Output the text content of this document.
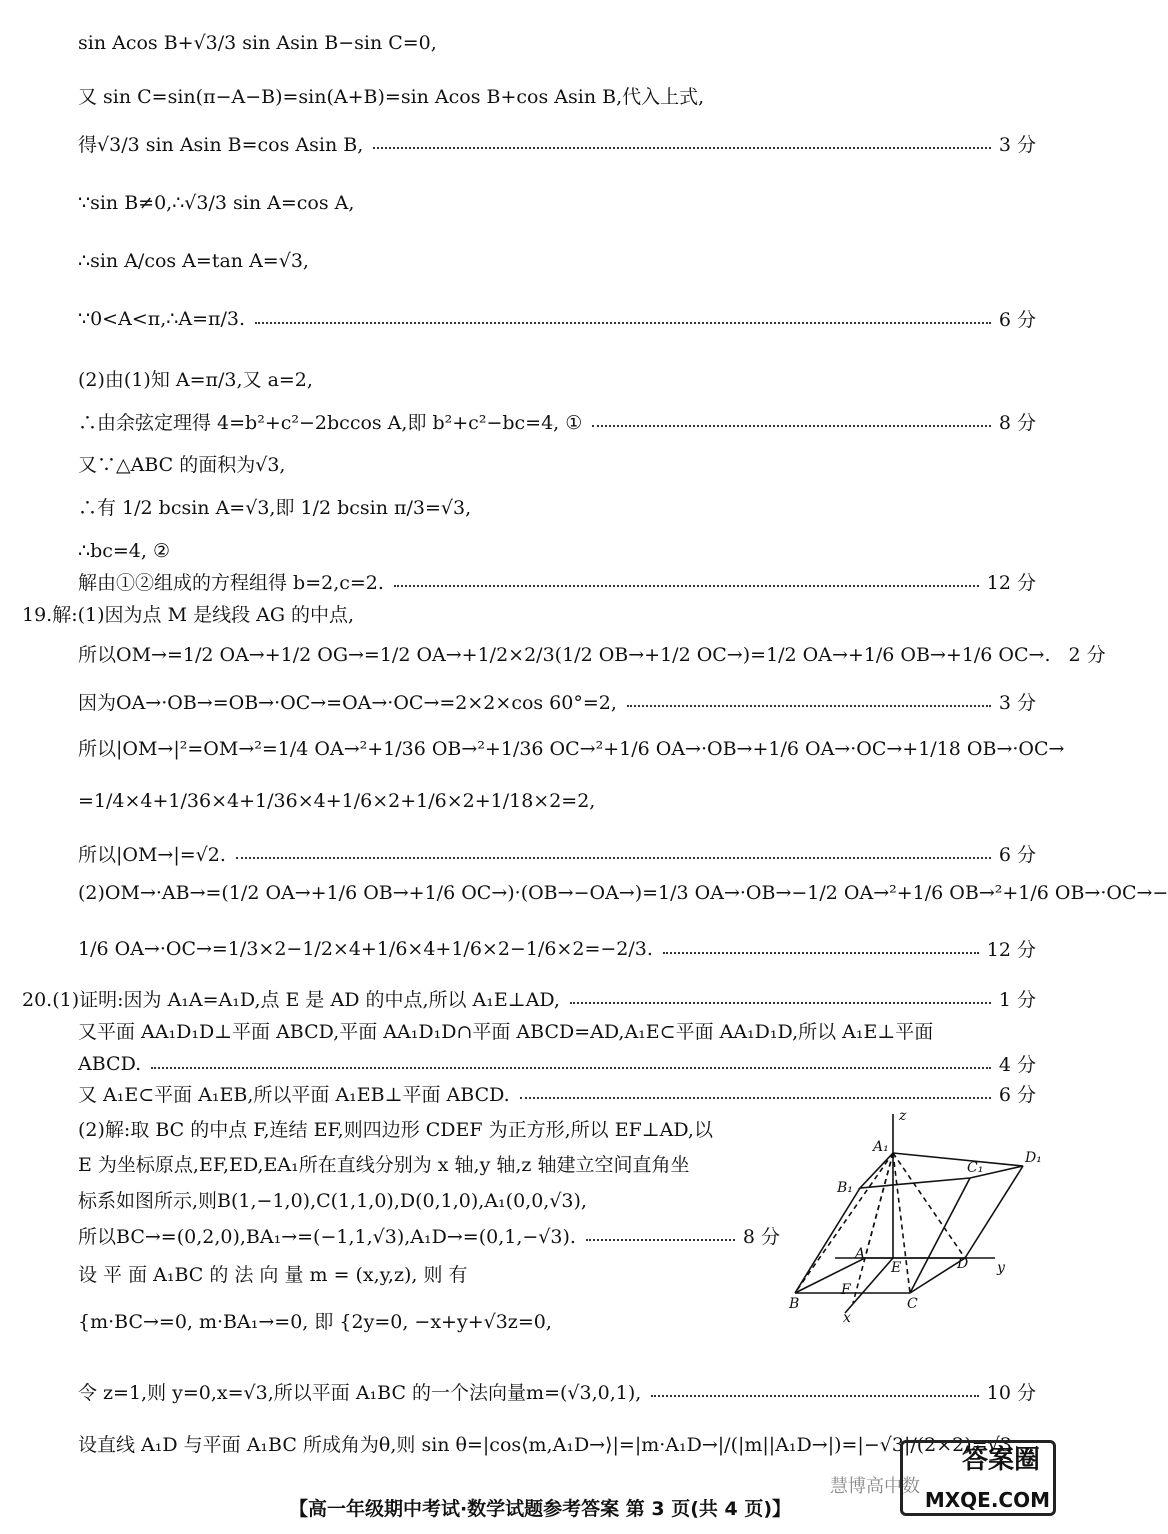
sin Acos B+√3/3 sin Asin B−sin C=0,
又 sin C=sin(π−A−B)=sin(A+B)=sin Acos B+cos Asin B,代入上式,
得√3/3 sin Asin B=cos Asin B,	3 分
∵sin B≠0,∴√3/3 sin A=cos A,
∴sin A/cos A=tan A=√3,
∵0<A<π,∴A=π/3.	6 分
(2)由(1)知 A=π/3,又 a=2,
∴由余弦定理得 4=b²+c²−2bccos A,即 b²+c²−bc=4, ①	8 分
又∵△ABC 的面积为√3,
∴有 1/2 bcsin A=√3,即 1/2 bcsin π/3=√3,
∴bc=4, ②
解由①②组成的方程组得 b=2,c=2.	12 分
19.解:(1)因为点 M 是线段 AG 的中点,
所以OM→=1/2 OA→+1/2 OG→=1/2 OA→+1/2×2/3(1/2 OB→+1/2 OC→)=1/2 OA→+1/6 OB→+1/6 OC→. 2 分
因为OA→·OB→=OB→·OC→=OA→·OC→=2×2×cos 60°=2,	3 分
所以|OM→|²=OM→²=1/4 OA→²+1/36 OB→²+1/36 OC→²+1/6 OA→·OB→+1/6 OA→·OC→+1/18 OB→·OC→
=1/4×4+1/36×4+1/36×4+1/6×2+1/6×2+1/18×2=2,
所以|OM→|=√2.	6 分
(2)OM→·AB→=(1/2 OA→+1/6 OB→+1/6 OC→)·(OB→−OA→)=1/3 OA→·OB→−1/2 OA→²+1/6 OB→²+1/6 OB→·OC→−
1/6 OA→·OC→=1/3×2−1/2×4+1/6×4+1/6×2−1/6×2=−2/3.	12 分
20.(1)证明:因为 A₁A=A₁D,点 E 是 AD 的中点,所以 A₁E⊥AD,	1 分
又平面 AA₁D₁D⊥平面 ABCD,平面 AA₁D₁D∩平面 ABCD=AD,A₁E⊂平面 AA₁D₁D,所以 A₁E⊥平面
ABCD.	4 分
又 A₁E⊂平面 A₁EB,所以平面 A₁EB⊥平面 ABCD.	6 分
(2)解:取 BC 的中点 F,连结 EF,则四边形 CDEF 为正方形,所以 EF⊥AD,以
E 为坐标原点,EF,ED,EA₁所在直线分别为 x 轴,y 轴,z 轴建立空间直角坐
标系如图所示,则B(1,−1,0),C(1,1,0),D(0,1,0),A₁(0,0,√3),
所以BC→=(0,2,0),BA₁→=(−1,1,√3),A₁D→=(0,1,−√3).	8 分
设 平 面 A₁BC 的 法 向 量 m = (x,y,z), 则 有
{m·BC→=0, m·BA₁→=0, 即 {2y=0, −x+y+√3z=0,
令 z=1,则 y=0,x=√3,所以平面 A₁BC 的一个法向量m=(√3,0,1),	10 分
设直线 A₁D 与平面 A₁BC 所成角为θ,则 sin θ=|cos⟨m,A₁D→⟩|=|m·A₁D→|/(|m||A₁D→|)=|−√3|/(2×2)=√3
z
y
x
A₁
B₁
C₁
D₁
A
B	C
D
E
F
【高一年级期中考试·数学试题参考答案 第 3 页(共 4 页)】
慧博高中数
答案圈
MXQE.COM
